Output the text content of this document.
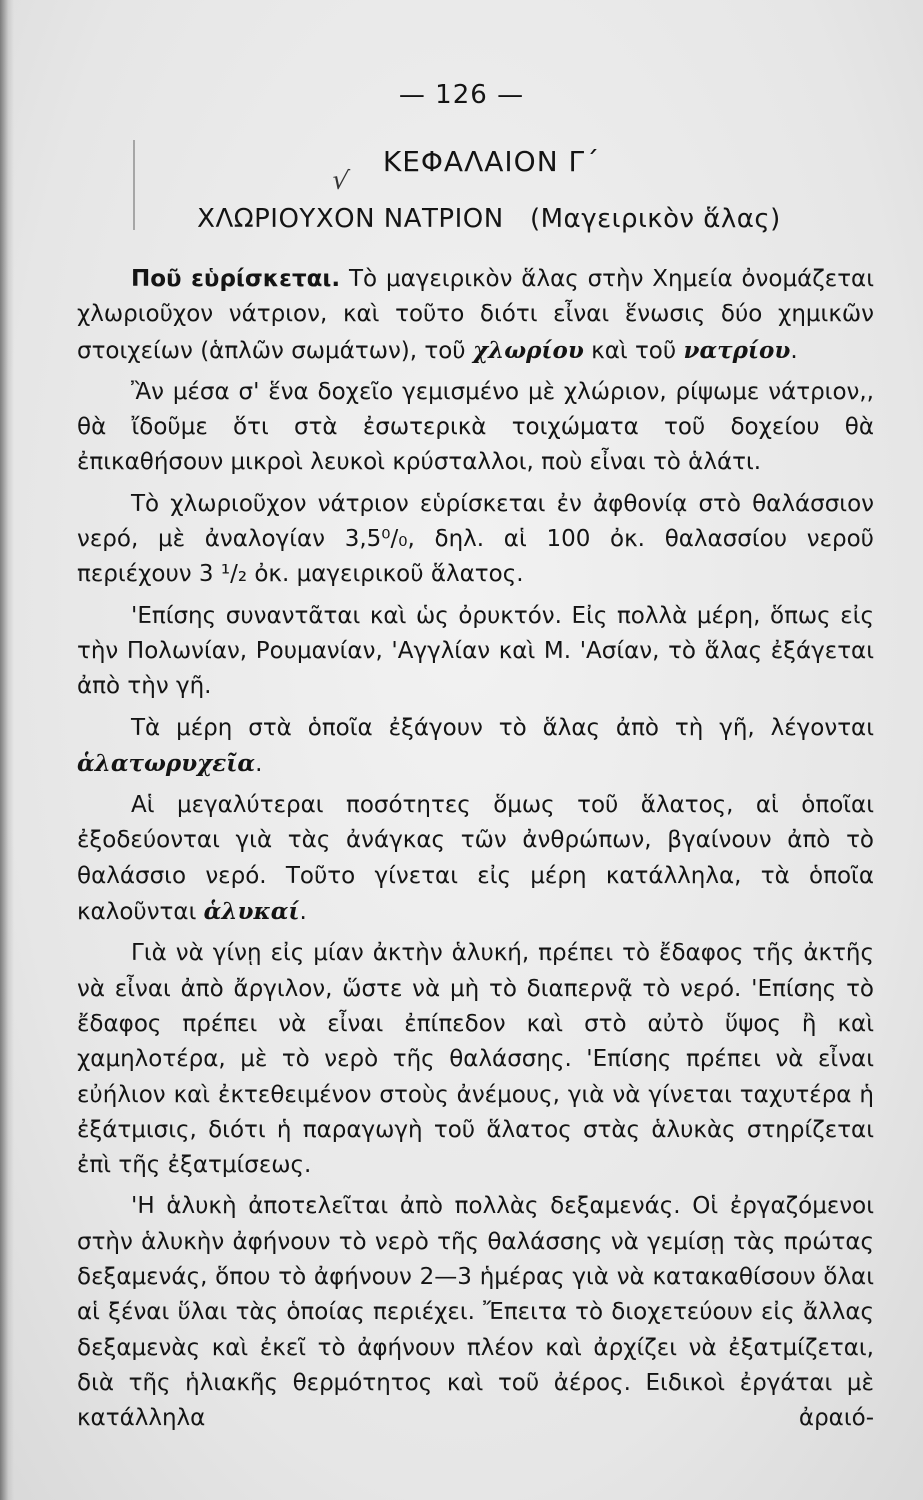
√
— 126 —
ΚΕΦΑΛΑΙΟΝ Γ΄
ΧΛΩΡΙΟΥΧΟΝ ΝΑΤΡΙΟΝ (Μαγειρικὸν ἅλας)

Ποῦ εὑρίσκεται. Τὸ μαγειρικὸν ἅλας στὴν Χημεία ὀνομάζεται χλωριοῦχον νάτριον, καὶ τοῦτο διότι εἶναι ἕνωσις δύο χημικῶν στοιχείων (ἁπλῶν σωμάτων), τοῦ χλωρίου καὶ τοῦ νατρίου.

Ἂν μέσα σ' ἕνα δοχεῖο γεμισμένο μὲ χλώριον, ρίψωμε νάτριον,, θὰ ἴδοῦμε ὅτι στὰ ἐσωτερικὰ τοιχώματα τοῦ δοχείου θὰ ἐπικαθήσουν μικροὶ λευκοὶ κρύσταλλοι, ποὺ εἶναι τὸ ἁλάτι.

Τὸ χλωριοῦχον νάτριον εὑρίσκεται ἐν ἀφθονίᾳ στὸ θαλάσσιον νερό, μὲ ἀναλογίαν 3,5⁰/₀, δηλ. αἱ 100 ὀκ. θαλασσίου νεροῦ περιέχουν 3 ¹/₂ ὀκ. μαγειρικοῦ ἅλατος.

'Επίσης συναντᾶται καὶ ὡς ὀρυκτόν. Εἰς πολλὰ μέρη, ὅπως εἰς τὴν Πολωνίαν, Ρουμανίαν, 'Αγγλίαν καὶ Μ. 'Ασίαν, τὸ ἅλας ἐξάγεται ἀπὸ τὴν γῆ.

Τὰ μέρη στὰ ὁποῖα ἐξάγουν τὸ ἅλας ἀπὸ τὴ γῆ, λέγονται ἁλατωρυχεῖα.

Αἱ μεγαλύτεραι ποσότητες ὅμως τοῦ ἅλατος, αἱ ὁποῖαι ἐξοδεύονται γιὰ τὰς ἀνάγκας τῶν ἀνθρώπων, βγαίνουν ἀπὸ τὸ θαλάσσιο νερό. Τοῦτο γίνεται εἰς μέρη κατάλληλα, τὰ ὁποῖα καλοῦνται ἁλυκαί.

Γιὰ νὰ γίνῃ εἰς μίαν ἀκτὴν ἁλυκή, πρέπει τὸ ἔδαφος τῆς ἀκτῆς νὰ εἶναι ἀπὸ ἄργιλον, ὥστε νὰ μὴ τὸ διαπερνᾷ τὸ νερό. 'Επίσης τὸ ἔδαφος πρέπει νὰ εἶναι ἐπίπεδον καὶ στὸ αὐτὸ ὕψος ἢ καὶ χαμηλοτέρα, μὲ τὸ νερὸ τῆς θαλάσσης. 'Επίσης πρέπει νὰ εἶναι εὐήλιον καὶ ἐκτεθειμένον στοὺς ἀνέμους, γιὰ νὰ γίνεται ταχυτέρα ἡ ἐξάτμισις, διότι ἡ παραγωγὴ τοῦ ἅλατος στὰς ἁλυκὰς στηρίζεται ἐπὶ τῆς ἐξατμίσεως.

'Η ἁλυκὴ ἀποτελεῖται ἀπὸ πολλὰς δεξαμενάς. Οἱ ἐργαζόμενοι στὴν ἁλυκὴν ἀφήνουν τὸ νερὸ τῆς θαλάσσης νὰ γεμίσῃ τὰς πρώτας δεξαμενάς, ὅπου τὸ ἀφήνουν 2—3 ἡμέρας γιὰ νὰ κατακαθίσουν ὅλαι αἱ ξέναι ὕλαι τὰς ὁποίας περιέχει. Ἔπειτα τὸ διοχετεύουν εἰς ἄλλας δεξαμενὰς καὶ ἐκεῖ τὸ ἀφήνουν πλέον καὶ ἀρχίζει νὰ ἐξατμίζεται, διὰ τῆς ἡλιακῆς θερμότητος καὶ τοῦ ἀέρος. Ειδικοὶ ἐργάται μὲ κατάλληλα ἀραιό-
